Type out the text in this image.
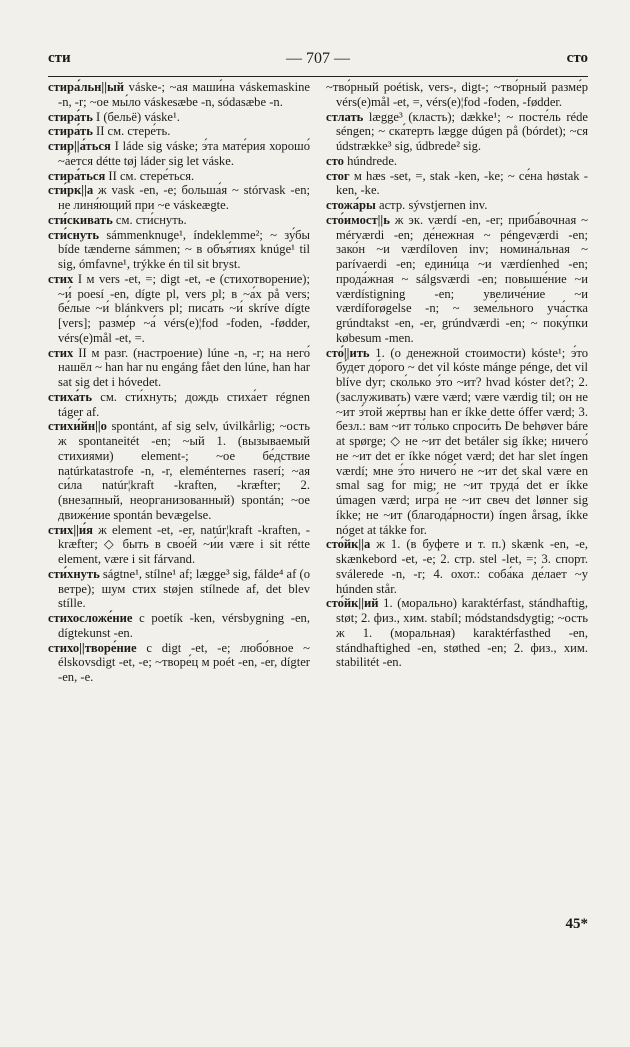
сти	— 707 —	сто

стира́льн||ый váske-; ~ая маши́на váskemaskine -n, -r; ~ое мы́ло váskesæbe -n, sódasæbe -n.

стира́ть I (бельё) váske¹.

стира́ть II см. стере́ть.

стир||а́ться I láde sig váske; э́та мате́рия хорошо́ ~а́ется détte tøj láder sig let váske.

стира́ться II см. стере́ться.

сти́рк||а ж vask -en, -e; больша́я ~ stórvask -en; не линя́ющий при ~е váskeægte.

сти́скивать см. сти́снуть.

сти́снуть sámmenknuge¹, índeklemme²; ~ зу́бы bíde tænderne sámmen; ~ в объя́тиях knúge¹ til sig, ómfavne¹, trýkke én til sit bryst.

стих I м vers -et, =; digt -et, -e (стихотворение); ~и́ poesí -en, dígte pl, vers pl; в ~а́х på vers; бе́лые ~и́ blánkvers pl; писа́ть ~и́ skríve dígte [vers]; разме́р ~а́ vérs(e)¦fod -foden, -fødder, vérs(e)mål -et, =.

стих II м разг. (настроение) lúne -n, -r; на него́ нашёл ~ han har nu engáng fået den lúne, han har sat sig det i hóvedet.

стиха́ть см. сти́хнуть; дождь стиха́ет régnen táger af.

стихи́йн||о spontánt, af sig selv, úvilkårlig; ~ость ж spontaneitét -en; ~ый 1. (вызываемый стихиями) element-; ~ое бе́дствие natúrkatastrofe -n, -r, eleménternes raserí; ~ая си́ла natúr¦kraft -kraften, -kræfter; 2. (внезапный, неорганизованный) spontán; ~ое движе́ние spontán bevægelse.

стих||и́я ж element -et, -er, natúr¦kraft -kraften, -kræfter; ◇ быть в свое́й ~и́и være i sit rétte element, være i sit fárvand.

сти́хнуть ságtne¹, stílne¹ af; lægge³ sig, fálde⁴ af (о ветре); шум стих støjen stílnede af, det blev stílle.

стихосложе́ние с poetík -ken, vérsbygning -en, dígtekunst -en.

стихо||творе́ние с digt -et, -e; любо́вное ~ élskovsdigt -et, -e; ~творе́ц м poét -en, -er, dígter -en, -e.

~тво́рный poétisk, vers-, digt-; ~тво́рный разме́р vérs(e)mål -et, =, vérs(e)¦fod -foden, -fødder.

стлать lægge³ (класть); dække¹; ~ посте́ль réde séngen; ~ ска́терть lægge dúgen på (bórdet); ~ся údstrække³ sig, údbrede² sig.

сто húndrede.

стог м hæs -set, =, stak -ken, -ke; ~ се́на høstak -ken, -ke.

стожа́ры астр. sývstjernen inv.

сто́имост||ь ж эк. værdí -en, -er; приба́вочная ~ mérværdi -en; де́нежная ~ péngeværdi -en; зако́н ~и værdíloven inv; номина́льная ~ parívaerdi -en; едини́ца ~и værdíenhed -en; прода́жная ~ sálgsværdi -en; повыше́ние ~и værdístigning -en; увеличе́ние ~и værdíforøgelse -n; ~ земе́льного уча́стка grúndtakst -en, -er, grúndværdi -en; ~ поку́пки købesum -men.

сто́||ить 1. (о денежной стоимости) kóste¹; э́то бу́дет до́рого ~ det vil kóste mánge pénge, det vil blíve dyr; ско́лько э́то ~ит? hvad kóster det?; 2. (заслуживать) være værd; være værdig til; он не ~ит э́той же́ртвы han er íkke dette óffer værd; 3. безл.: вам ~ит то́лько спроси́ть De behøver báre at spørge; ◇ не ~ит det betáler sig íkke; ничего́ не ~ит det er íkke nóget værd; det har slet íngen værdí; мне э́то ничего́ не ~ит det skal være en smal sag for mig; не ~ит труда́ det er íkke úmagen værd; игра́ не ~ит свеч det lønner sig íkke; не ~ит (благода́рности) íngen årsag, íkke nóget at tákke for.

сто́йк||а ж 1. (в буфете и т. п.) skænk -en, -e, skænkebord -et, -e; 2. стр. stel -let, =; 3. спорт. sválerede -n, -r; 4. охот.: соба́ка де́лает ~у húnden står.

сто́йк||ий 1. (морально) karaktérfast, stándhaftig, støt; 2. физ., хим. stabíl; módstandsdygtig; ~ость ж 1. (моральная) karaktérfasthed -en, stándhaftighed -en, støthed -en; 2. физ., хим. stabilitét -en.

45*
